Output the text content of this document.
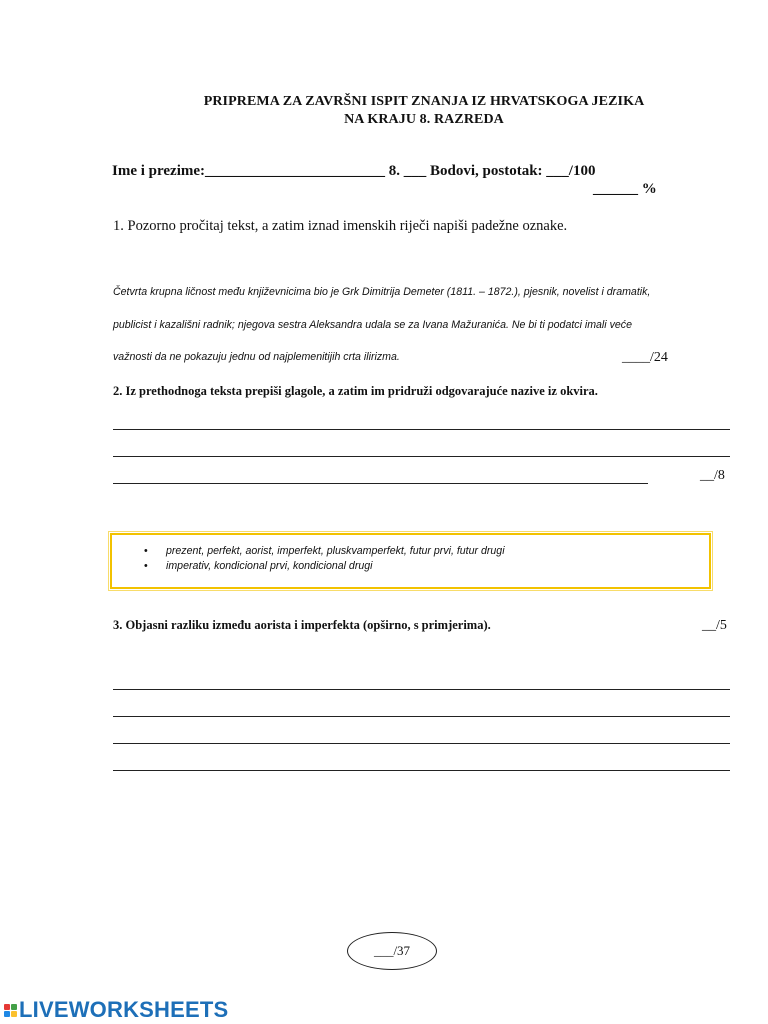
PRIPREMA ZA ZAVRŠNI ISPIT ZNANJA IZ HRVATSKOGA JEZIKA
NA KRAJU 8. RAZREDA
Ime i prezime:________________________ 8. ___ Bodovi, postotak: ___/100
______ %
1. Pozorno pročitaj tekst, a zatim iznad imenskih riječi napiši padežne oznake.
Četvrta krupna ličnost među književnicima bio je Grk Dimitrija Demeter (1811. – 1872.), pjesnik, novelist i dramatik,
publicist i kazališni radnik; njegova sestra Aleksandra udala se za Ivana Mažuranića. Ne bi ti podatci imali veće
važnosti da ne pokazuju jednu od najplemenitijih crta ilirizma.	____/24
2. Iz prethodnoga teksta prepiši glagole, a zatim im pridruži odgovarajuće nazive iz okvira.
__/8
• prezent, perfekt, aorist, imperfekt, pluskvamperfekt, futur prvi, futur drugi
• imperativ, kondicional prvi, kondicional drugi
3. Objasni razliku između aorista i imperfekta (opširno, s primjerima).	__/5
___/37
LIVEWORKSHEETS
